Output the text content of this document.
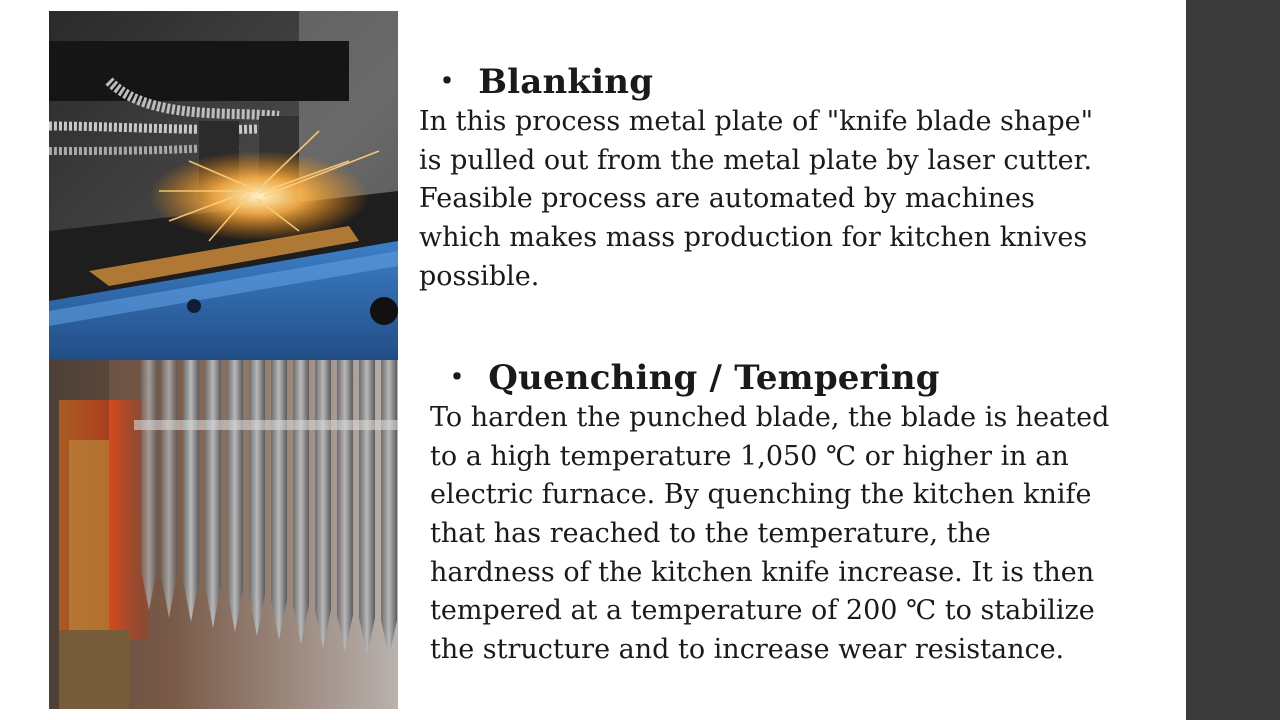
・ Blanking
In this process metal plate of "knife blade shape"
is pulled out from the metal plate by laser cutter.
Feasible process are automated by machines
which makes mass production for kitchen knives
possible.
・ Quenching / Tempering
To harden the punched blade, the blade is heated
to a high temperature 1,050 ℃ or higher in an
electric furnace. By quenching the kitchen knife
that has reached to the temperature, the
hardness of the kitchen knife increase. It is then
tempered at a temperature of 200 ℃ to stabilize
the structure and to increase wear resistance.
